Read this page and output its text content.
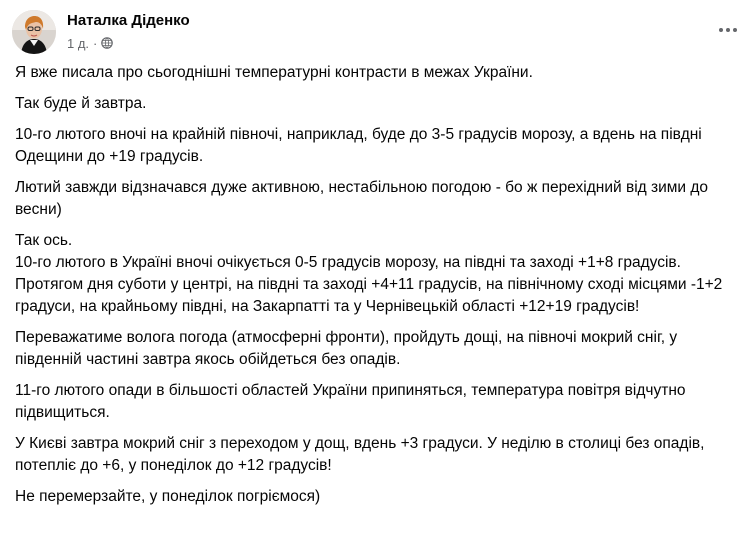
Наталка Діденко
1 д. ·

Я вже писала про сьогоднішні температурні контрасти в межах України.

Так буде й завтра.

10-го лютого вночі на крайній півночі, наприклад, буде до 3-5 градусів морозу, а вдень на півдні Одещини до +19 градусів.

Лютий завжди відзначався дуже активною, нестабільною погодою - бо ж перехідний від зими до весни)

Так ось.
10-го лютого в Україні вночі очікується 0-5 градусів морозу, на півдні та заході +1+8 градусів.
Протягом дня суботи у центрі, на півдні та заході +4+11 градусів, на північному сході місцями -1+2 градуси, на крайньому півдні, на Закарпатті та у Чернівецькій області +12+19 градусів!

Переважатиме волога погода (атмосферні фронти), пройдуть дощі, на півночі мокрий сніг, у південній частині завтра якось обійдеться без опадів.

11-го лютого опади в більшості областей України припиняться, температура повітря відчутно підвищиться.

У Києві завтра мокрий сніг з переходом у дощ, вдень +3 градуси. У неділю в столиці без опадів, потепліє до +6, у понеділок до +12 градусів!

Не перемерзайте, у понеділок погріємося)
